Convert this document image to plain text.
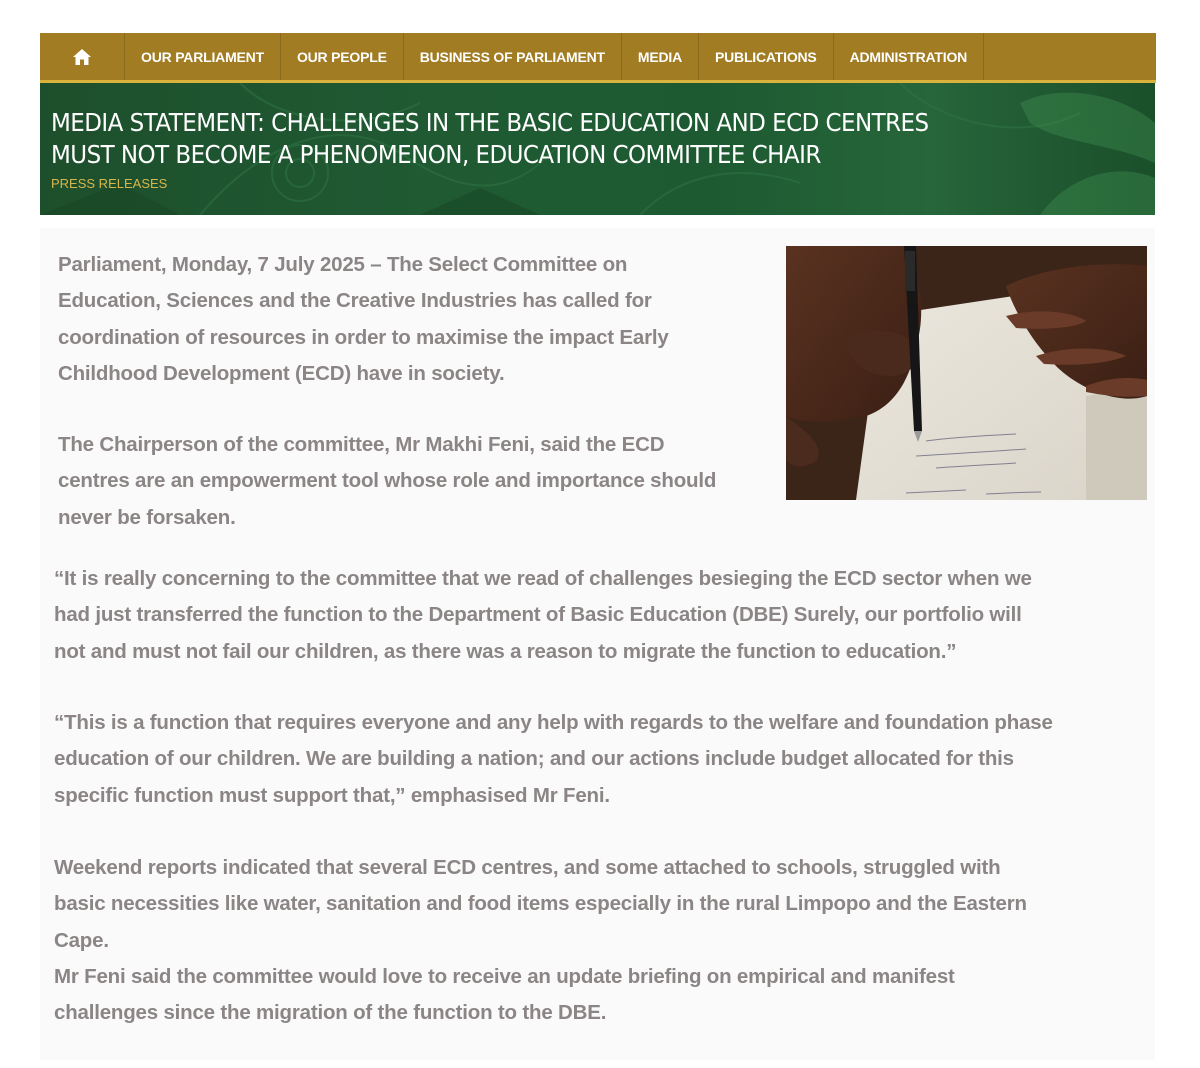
OUR PARLIAMENT	OUR PEOPLE	BUSINESS OF PARLIAMENT	MEDIA	PUBLICATIONS	ADMINISTRATION
MEDIA STATEMENT: CHALLENGES IN THE BASIC EDUCATION AND ECD CENTRES
MUST NOT BECOME A PHENOMENON, EDUCATION COMMITTEE CHAIR
PRESS RELEASES
Parliament, Monday, 7 July 2025 – The Select Committee on
Education, Sciences and the Creative Industries has called for
coordination of resources in order to maximise the impact Early
Childhood Development (ECD) have in society.
The Chairperson of the committee, Mr Makhi Feni, said the ECD
centres are an empowerment tool whose role and importance should
never be forsaken.
“It is really concerning to the committee that we read of challenges besieging the ECD sector when we
had just transferred the function to the Department of Basic Education (DBE) Surely, our portfolio will
not and must not fail our children, as there was a reason to migrate the function to education.”
“This is a function that requires everyone and any help with regards to the welfare and foundation phase
education of our children. We are building a nation; and our actions include budget allocated for this
specific function must support that,” emphasised Mr Feni.
Weekend reports indicated that several ECD centres, and some attached to schools, struggled with
basic necessities like water, sanitation and food items especially in the rural Limpopo and the Eastern
Cape.
Mr Feni said the committee would love to receive an update briefing on empirical and manifest
challenges since the migration of the function to the DBE.
